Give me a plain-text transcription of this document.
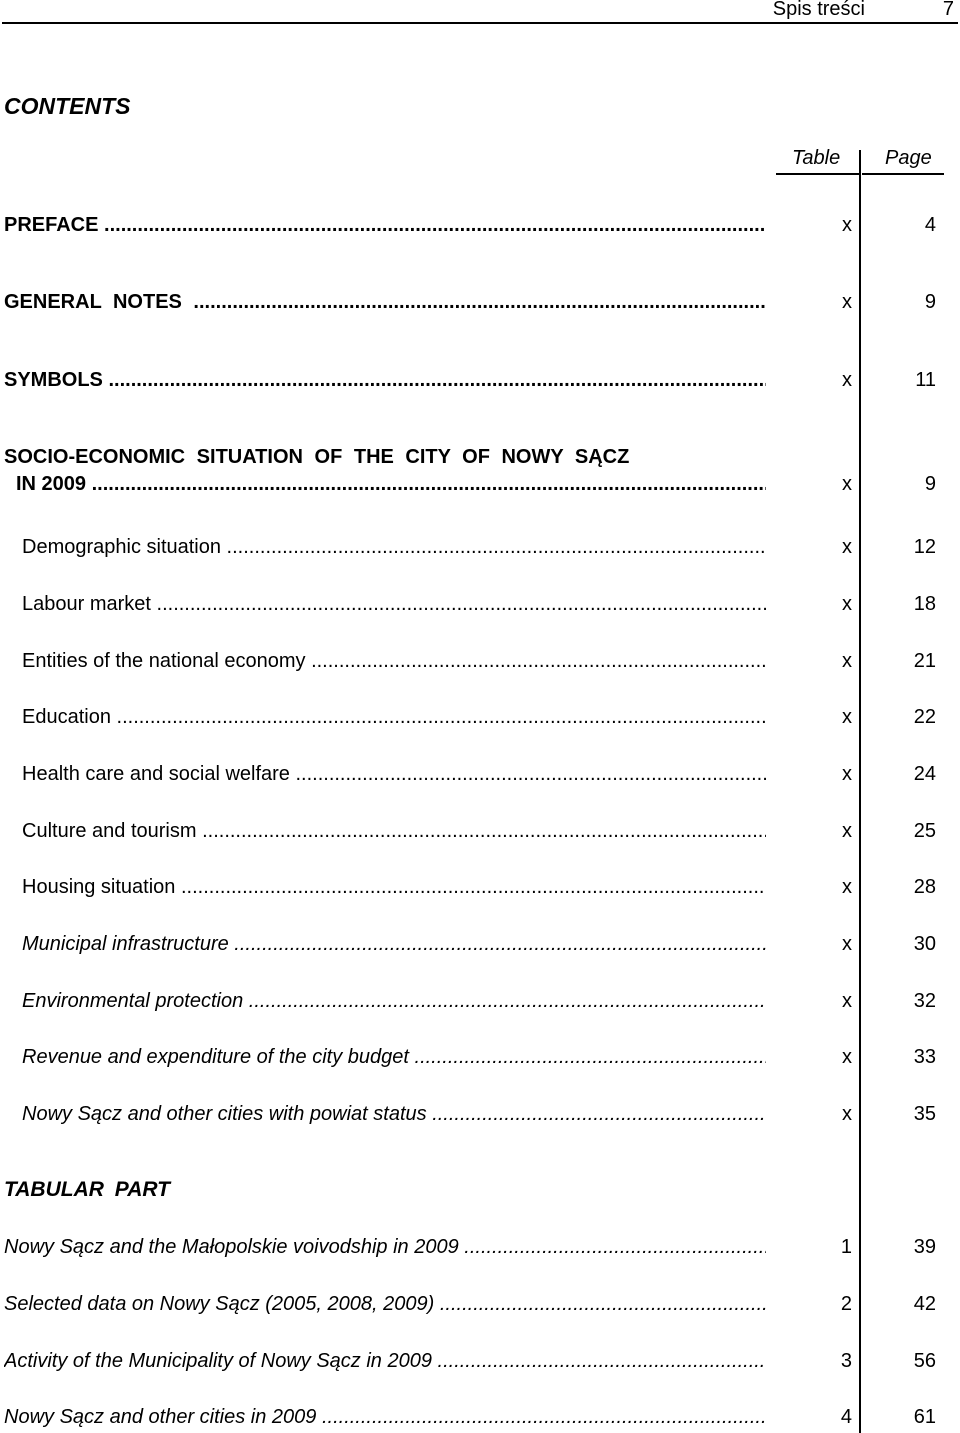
Spis treści	7
CONTENTS
Table Page
PREFACE .....	x	4
GENERAL NOTES .....	x	9
SYMBOLS .....	x	11
SOCIO-ECONOMIC SITUATION OF THE CITY OF NOWY SĄCZ
IN 2009 .....	x	9
Demographic situation .....	x	12
Labour market .....	x	18
Entities of the national economy .....	x	21
Education .....	x	22
Health care and social welfare .....	x	24
Culture and tourism .....	x	25
Housing situation .....	x	28
Municipal infrastructure .....	x	30
Environmental protection .....	x	32
Revenue and expenditure of the city budget .....	x	33
Nowy Sącz and other cities with powiat status .....	x	35
TABULAR PART
Nowy Sącz and the Małopolskie voivodship in 2009 .....	1	39
Selected data on Nowy Sącz (2005, 2008, 2009) .....	2	42
Activity of the Municipality of Nowy Sącz in 2009 .....	3	56
Nowy Sącz and other cities in 2009 .....	4	61
